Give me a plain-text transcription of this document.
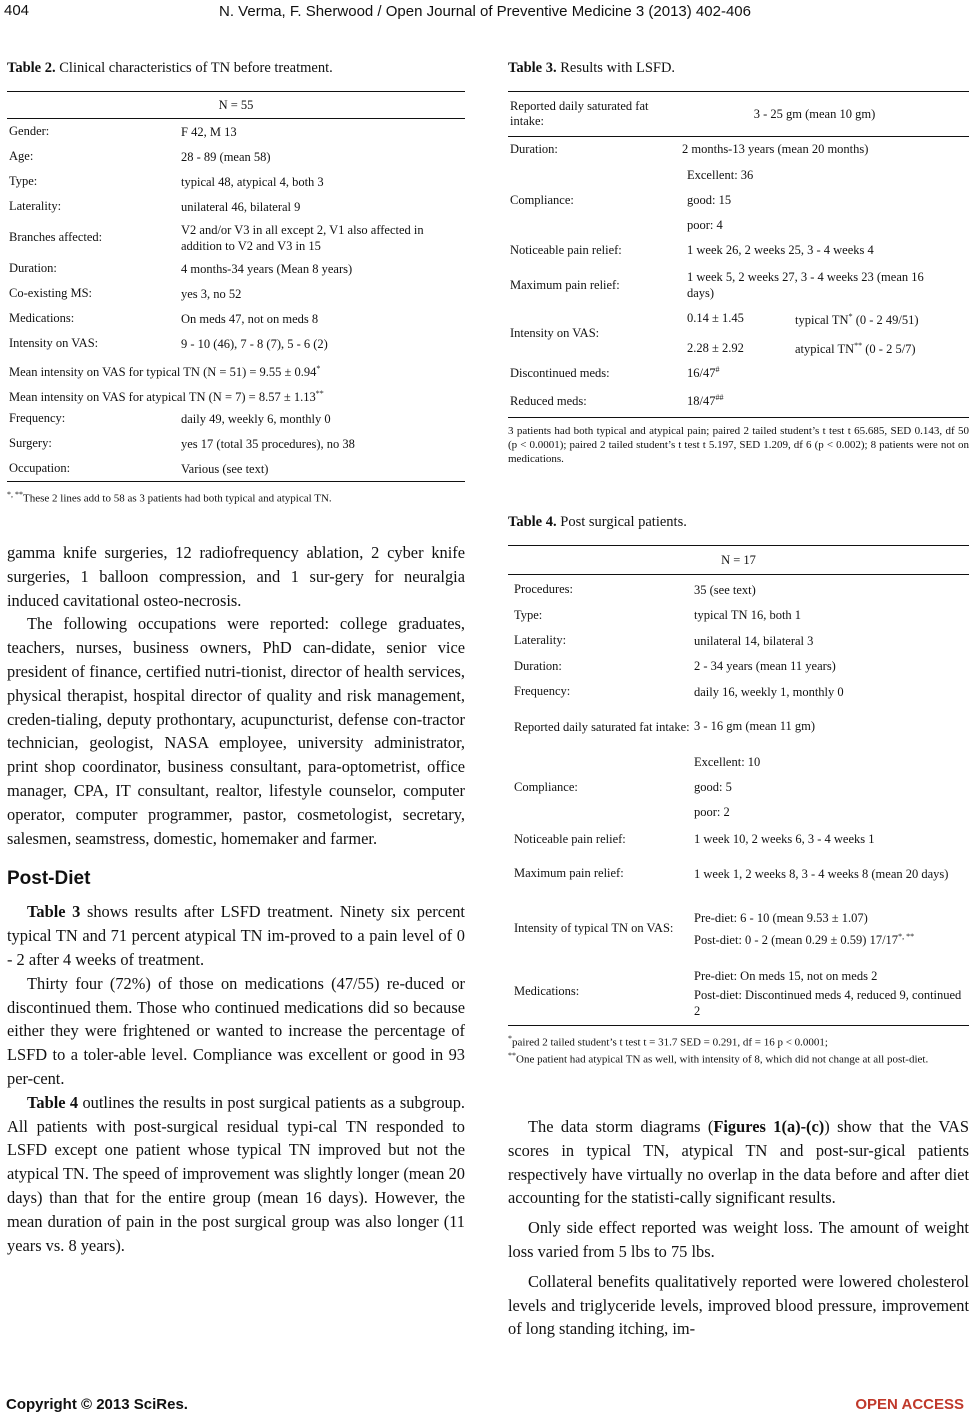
404	N. Verma, F. Sherwood / Open Journal of Preventive Medicine 3 (2013) 402-406
Table 2. Clinical characteristics of TN before treatment.
N = 55
Gender:	F 42, M 13
Age:	28 - 89 (mean 58)
Type:	typical 48, atypical 4, both 3
Laterality:	unilateral 46, bilateral 9
Branches affected:
V2 and/or V3 in all except 2, V1 also affected in addition to V2 and V3 in 15
Duration:	4 months-34 years (Mean 8 years)
Co-existing MS:	yes 3, no 52
Medications:	On meds 47, not on meds 8
Intensity on VAS:	9 - 10 (46), 7 - 8 (7), 5 - 6 (2)
Mean intensity on VAS for typical TN (N = 51) = 9.55 ± 0.94*
Mean intensity on VAS for atypical TN (N = 7) = 8.57 ± 1.13**
Frequency:	daily 49, weekly 6, monthly 0
Surgery:	yes 17 (total 35 procedures), no 38
Occupation:	Various (see text)
*, **These 2 lines add to 58 as 3 patients had both typical and atypical TN.

gamma knife surgeries, 12 radiofrequency ablation, 2 cyber knife surgeries, 1 balloon compression, and 1 sur-gery for neuralgia induced cavitational osteo-necrosis.

The following occupations were reported: college graduates, teachers, nurses, business owners, PhD can-didate, senior vice president of finance, certified nutri-tionist, director of health services, physical therapist, hospital director of quality and risk management, creden-tialing, deputy prothontary, acupuncturist, defense con-tractor technician, geologist, NASA employee, university administrator, print shop coordinator, business consultant, para-optometrist, office manager, CPA, IT consultant, realtor, lifestyle counselor, computer operator, computer programmer, pastor, cosmetologist, secretary, salesmen, seamstress, domestic, homemaker and farmer.

Post-Diet

Table 3 shows results after LSFD treatment. Ninety six percent typical TN and 71 percent atypical TN im-proved to a pain level of 0 - 2 after 4 weeks of treatment.

Thirty four (72%) of those on medications (47/55) re-duced or discontinued them. Those who continued medications did so because either they were frightened or wanted to increase the percentage of LSFD to a toler-able level. Compliance was excellent or good in 93 per-cent.

Table 4 outlines the results in post surgical patients as a subgroup. All patients with post-surgical residual typi-cal TN responded to LSFD except one patient whose typical TN improved but not the atypical TN. The speed of improvement was slightly longer (mean 20 days) than that for the entire group (mean 16 days). However, the mean duration of pain in the post surgical group was also longer (11 years vs. 8 years).

Table 3. Results with LSFD.
Reported daily saturated fat intake:
3 - 25 gm (mean 10 gm)
Duration:	2 months-13 years (mean 20 months)
Compliance:
Excellent: 36
good: 15
poor: 4
Noticeable pain relief:	1 week 26, 2 weeks 25, 3 - 4 weeks 4
Maximum pain relief:
1 week 5, 2 weeks 27, 3 - 4 weeks 23 (mean 16 days)
Intensity on VAS:
0.14 ± 1.45	typical TN* (0 - 2 49/51)
2.28 ± 2.92	atypical TN** (0 - 2 5/7)
Discontinued meds:	16/47#
Reduced meds:	18/47##
3 patients had both typical and atypical pain; paired 2 tailed student’s t test t 65.685, SED 0.143, df 50 (p < 0.0001); paired 2 tailed student’s t test t 5.197, SED 1.209, df 6 (p < 0.002); 8 patients were not on medications.
Table 4. Post surgical patients.
N = 17
Procedures:	35 (see text)
Type:	typical TN 16, both 1
Laterality:	unilateral 14, bilateral 3
Duration:	2 - 34 years (mean 11 years)
Frequency:	daily 16, weekly 1, monthly 0
Reported daily saturated fat intake: 3 - 16 gm (mean 11 gm)
Compliance:
Excellent: 10
good: 5
poor: 2
Noticeable pain relief:	1 week 10, 2 weeks 6, 3 - 4 weeks 1
Maximum pain relief:	1 week 1, 2 weeks 8, 3 - 4 weeks 8 (mean 20 days)
Intensity of typical TN on VAS:
Pre-diet: 6 - 10 (mean 9.53 ± 1.07)
Post-diet: 0 - 2 (mean 0.29 ± 0.59) 17/17*, **
Medications:
Pre-diet: On meds 15, not on meds 2
Post-diet: Discontinued meds 4, reduced 9, continued 2
*paired 2 tailed student’s t test t = 31.7 SED = 0.291, df = 16 p < 0.0001;
**One patient had atypical TN as well, with intensity of 8, which did not change at all post-diet.

The data storm diagrams (Figures 1(a)-(c)) show that the VAS scores in typical TN, atypical TN and post-sur-gical patients respectively have virtually no overlap in the data before and after diet accounting for the statisti-cally significant results.

Only side effect reported was weight loss. The amount of weight loss varied from 5 lbs to 75 lbs.

Collateral benefits qualitatively reported were lowered cholesterol levels and triglyceride levels, improved blood pressure, improvement of long standing itching, im-

Copyright © 2013 SciRes.	OPEN ACCESS
